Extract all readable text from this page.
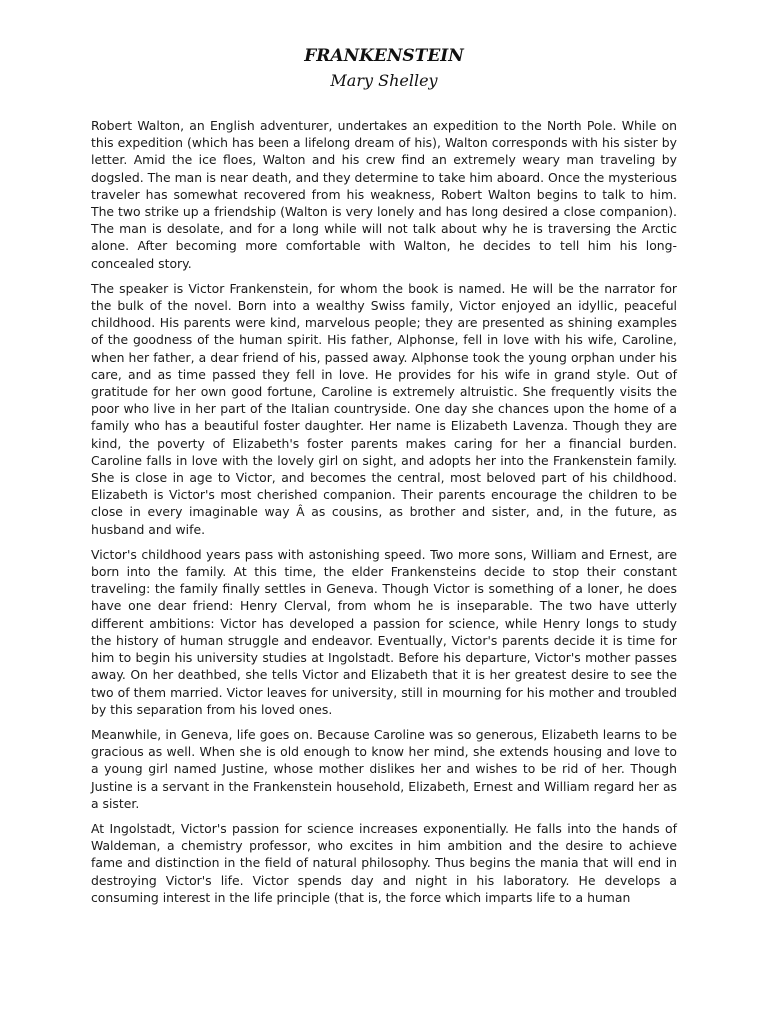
FRANKENSTEIN
Mary Shelley

Robert Walton, an English adventurer, undertakes an expedition to the North Pole. While on this expedition (which has been a lifelong dream of his), Walton corresponds with his sister by letter. Amid the ice floes, Walton and his crew find an extremely weary man traveling by dogsled. The man is near death, and they determine to take him aboard. Once the mysterious traveler has somewhat recovered from his weakness, Robert Walton begins to talk to him. The two strike up a friendship (Walton is very lonely and has long desired a close companion). The man is desolate, and for a long while will not talk about why he is traversing the Arctic alone. After becoming more comfortable with Walton, he decides to tell him his long-concealed story.

The speaker is Victor Frankenstein, for whom the book is named. He will be the narrator for the bulk of the novel. Born into a wealthy Swiss family, Victor enjoyed an idyllic, peaceful childhood. His parents were kind, marvelous people; they are presented as shining examples of the goodness of the human spirit. His father, Alphonse, fell in love with his wife, Caroline, when her father, a dear friend of his, passed away. Alphonse took the young orphan under his care, and as time passed they fell in love. He provides for his wife in grand style. Out of gratitude for her own good fortune, Caroline is extremely altruistic. She frequently visits the poor who live in her part of the Italian countryside. One day she chances upon the home of a family who has a beautiful foster daughter. Her name is Elizabeth Lavenza. Though they are kind, the poverty of Elizabeth's foster parents makes caring for her a financial burden. Caroline falls in love with the lovely girl on sight, and adopts her into the Frankenstein family. She is close in age to Victor, and becomes the central, most beloved part of his childhood. Elizabeth is Victor's most cherished companion. Their parents encourage the children to be close in every imaginable way Â as cousins, as brother and sister, and, in the future, as husband and wife.

Victor's childhood years pass with astonishing speed. Two more sons, William and Ernest, are born into the family. At this time, the elder Frankensteins decide to stop their constant traveling: the family finally settles in Geneva. Though Victor is something of a loner, he does have one dear friend: Henry Clerval, from whom he is inseparable. The two have utterly different ambitions: Victor has developed a passion for science, while Henry longs to study the history of human struggle and endeavor. Eventually, Victor's parents decide it is time for him to begin his university studies at Ingolstadt. Before his departure, Victor's mother passes away. On her deathbed, she tells Victor and Elizabeth that it is her greatest desire to see the two of them married. Victor leaves for university, still in mourning for his mother and troubled by this separation from his loved ones.

Meanwhile, in Geneva, life goes on. Because Caroline was so generous, Elizabeth learns to be gracious as well. When she is old enough to know her mind, she extends housing and love to a young girl named Justine, whose mother dislikes her and wishes to be rid of her. Though Justine is a servant in the Frankenstein household, Elizabeth, Ernest and William regard her as a sister.

At Ingolstadt, Victor's passion for science increases exponentially. He falls into the hands of Waldeman, a chemistry professor, who excites in him ambition and the desire to achieve fame and distinction in the field of natural philosophy. Thus begins the mania that will end in destroying Victor's life. Victor spends day and night in his laboratory. He develops a consuming interest in the life principle (that is, the force which imparts life to a human
